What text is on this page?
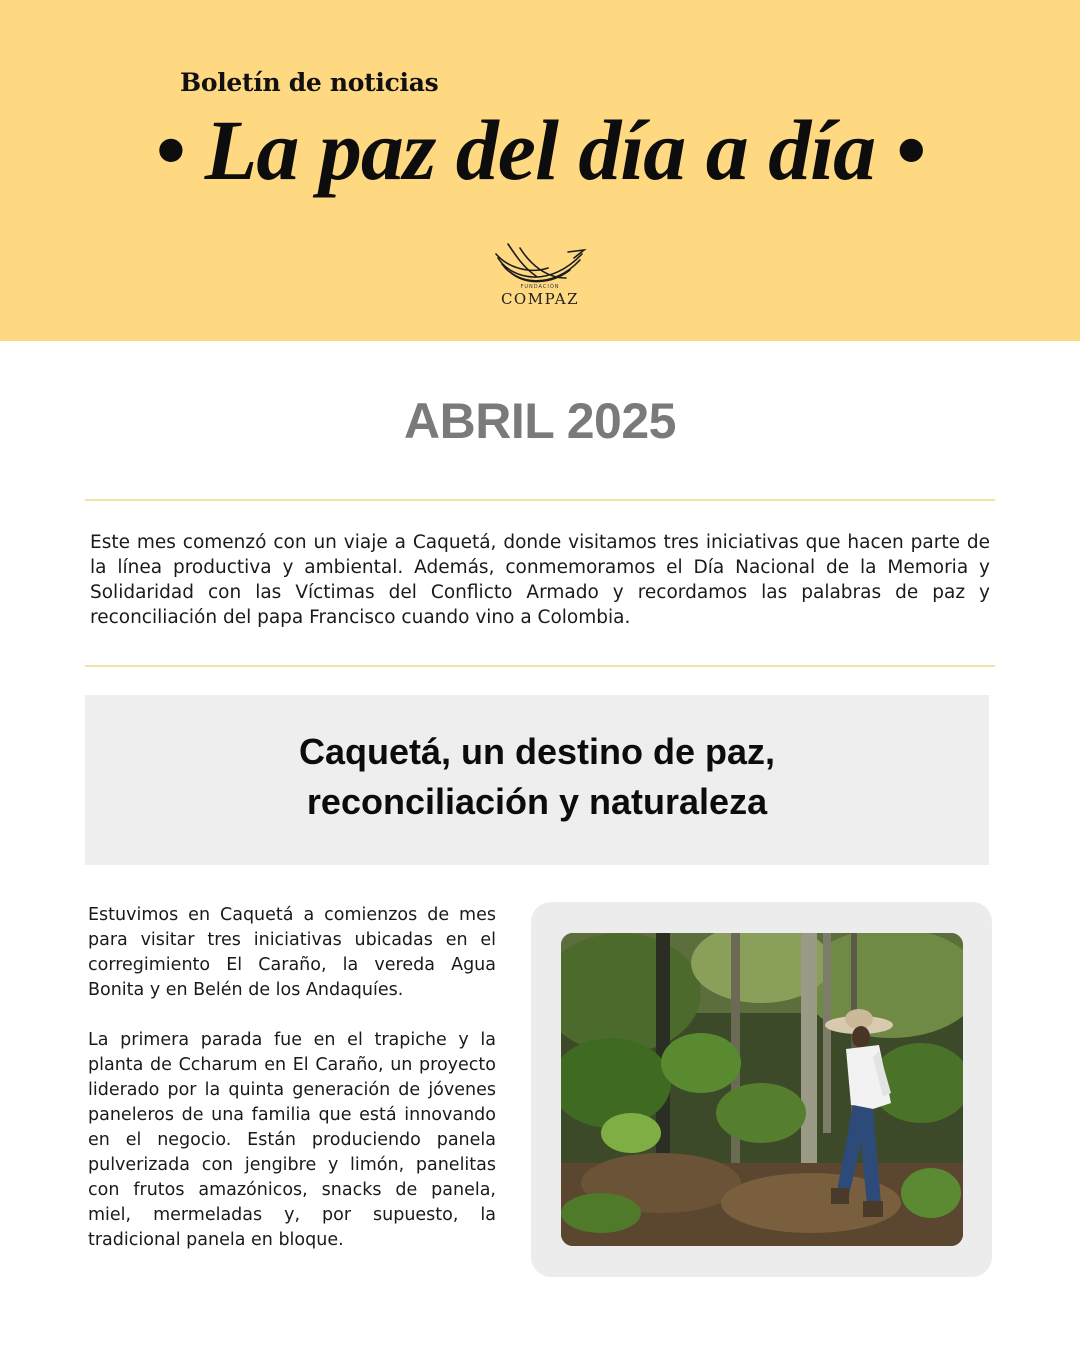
Boletín de noticias
• La paz del día a día •
FUNDACIÓN
COMPAZ
ABRIL 2025
Este mes comenzó con un viaje a Caquetá, donde visitamos tres iniciativas que hacen parte de la línea productiva y ambiental. Además, conmemoramos el Día Nacional de la Memoria y Solidaridad con las Víctimas del Conflicto Armado y recordamos las palabras de paz y reconciliación del papa Francisco cuando vino a Colombia.
Caquetá, un destino de paz,
reconciliación y naturaleza

Estuvimos en Caquetá a comienzos de mes para visitar tres iniciativas ubicadas en el corregimiento El Caraño, la vereda Agua Bonita y en Belén de los Andaquíes.

La primera parada fue en el trapiche y la planta de Ccharum en El Caraño, un proyecto liderado por la quinta generación de jóvenes paneleros de una familia que está innovando en el negocio. Están produciendo panela pulverizada con jengibre y limón, panelitas con frutos amazónicos, snacks de panela, miel, mermeladas y, por supuesto, la tradicional panela en bloque.
